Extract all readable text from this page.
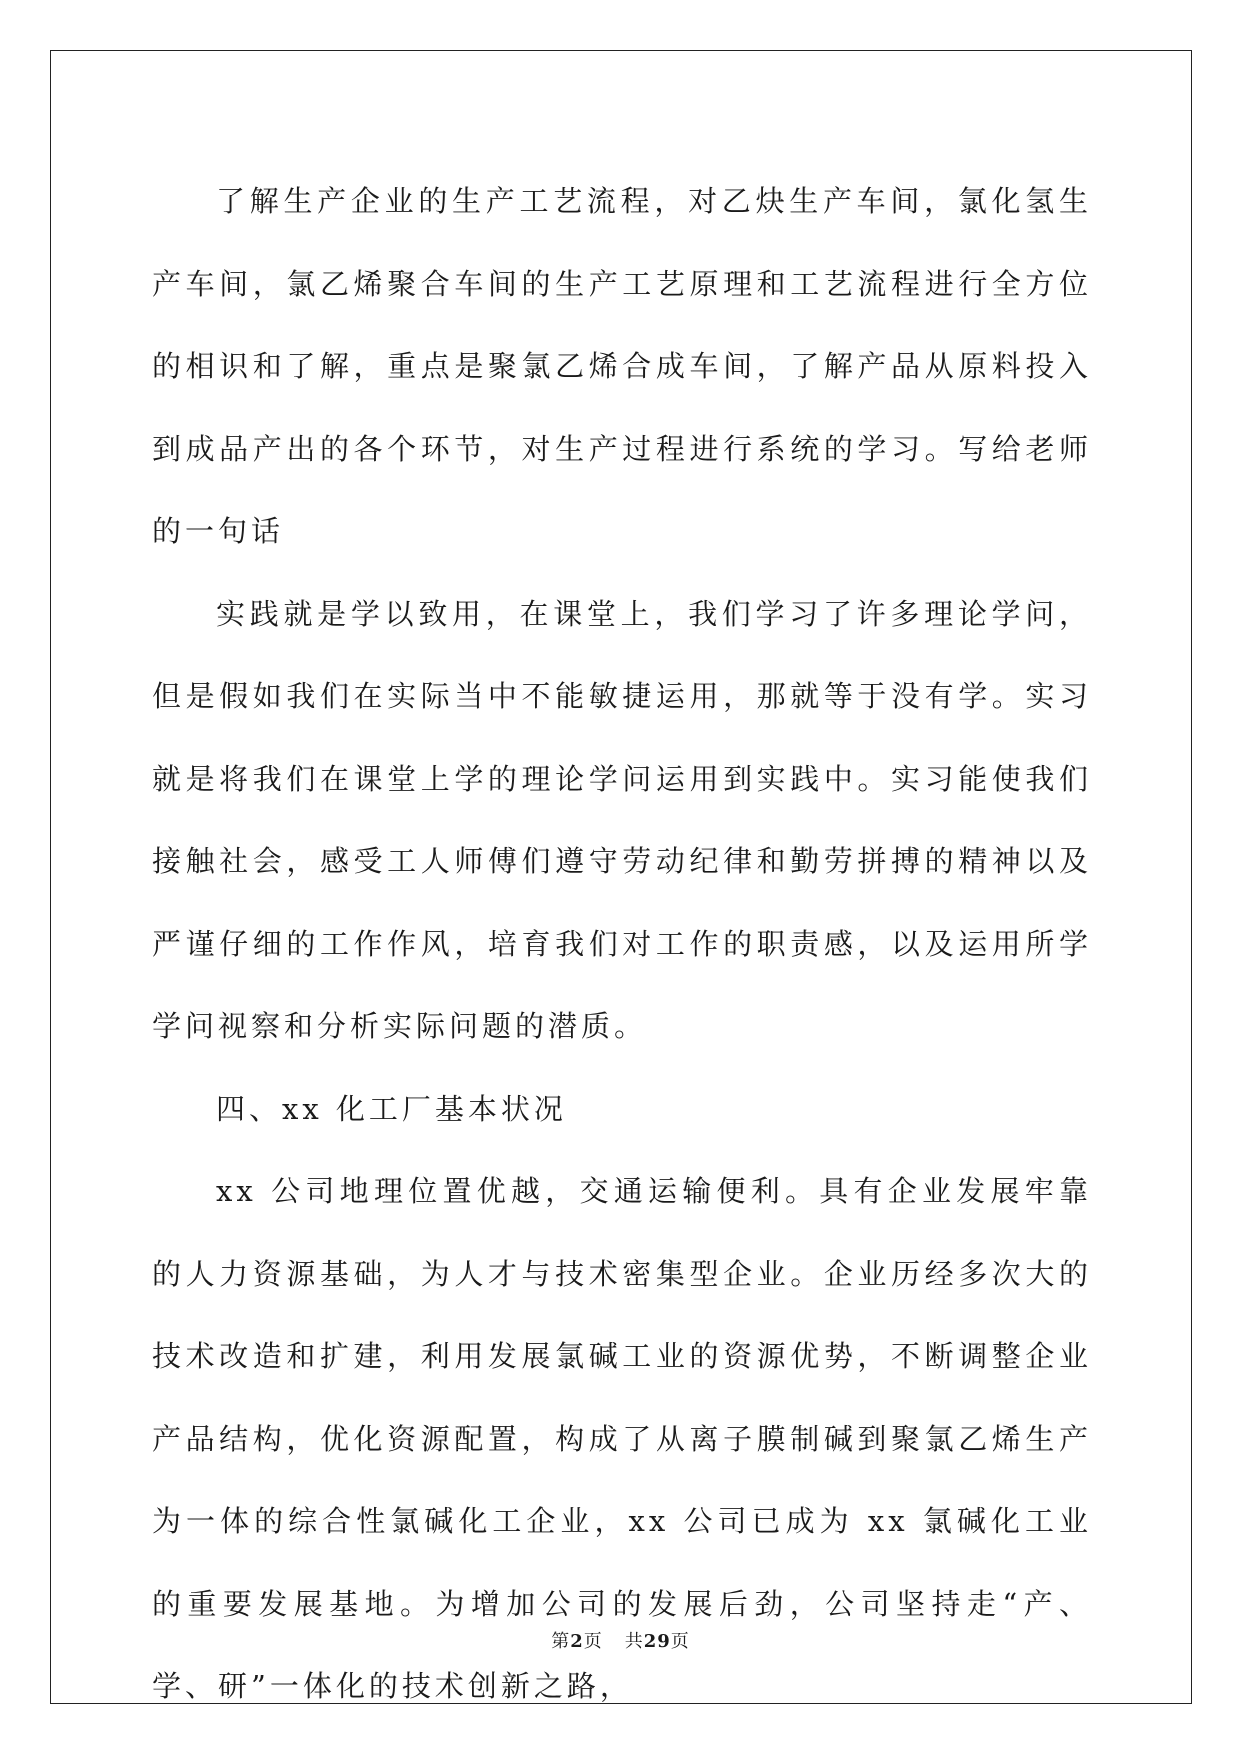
了解生产企业的生产工艺流程，对乙炔生产车间，氯化氢生产车间，氯乙烯聚合车间的生产工艺原理和工艺流程进行全方位的相识和了解，重点是聚氯乙烯合成车间，了解产品从原料投入到成品产出的各个环节，对生产过程进行系统的学习。写给老师的一句话

实践就是学以致用，在课堂上，我们学习了许多理论学问，但是假如我们在实际当中不能敏捷运用，那就等于没有学。实习就是将我们在课堂上学的理论学问运用到实践中。实习能使我们接触社会，感受工人师傅们遵守劳动纪律和勤劳拼搏的精神以及严谨仔细的工作作风，培育我们对工作的职责感，以及运用所学学问视察和分析实际问题的潜质。

四、xx 化工厂基本状况

xx 公司地理位置优越，交通运输便利。具有企业发展牢靠的人力资源基础，为人才与技术密集型企业。企业历经多次大的技术改造和扩建，利用发展氯碱工业的资源优势，不断调整企业产品结构，优化资源配置，构成了从离子膜制碱到聚氯乙烯生产为一体的综合性氯碱化工企业，xx 公司已成为 xx 氯碱化工业的重要发展基地。为增加公司的发展后劲，公司坚持走“产、学、研”一体化的技术创新之路，

第2页 共29页
